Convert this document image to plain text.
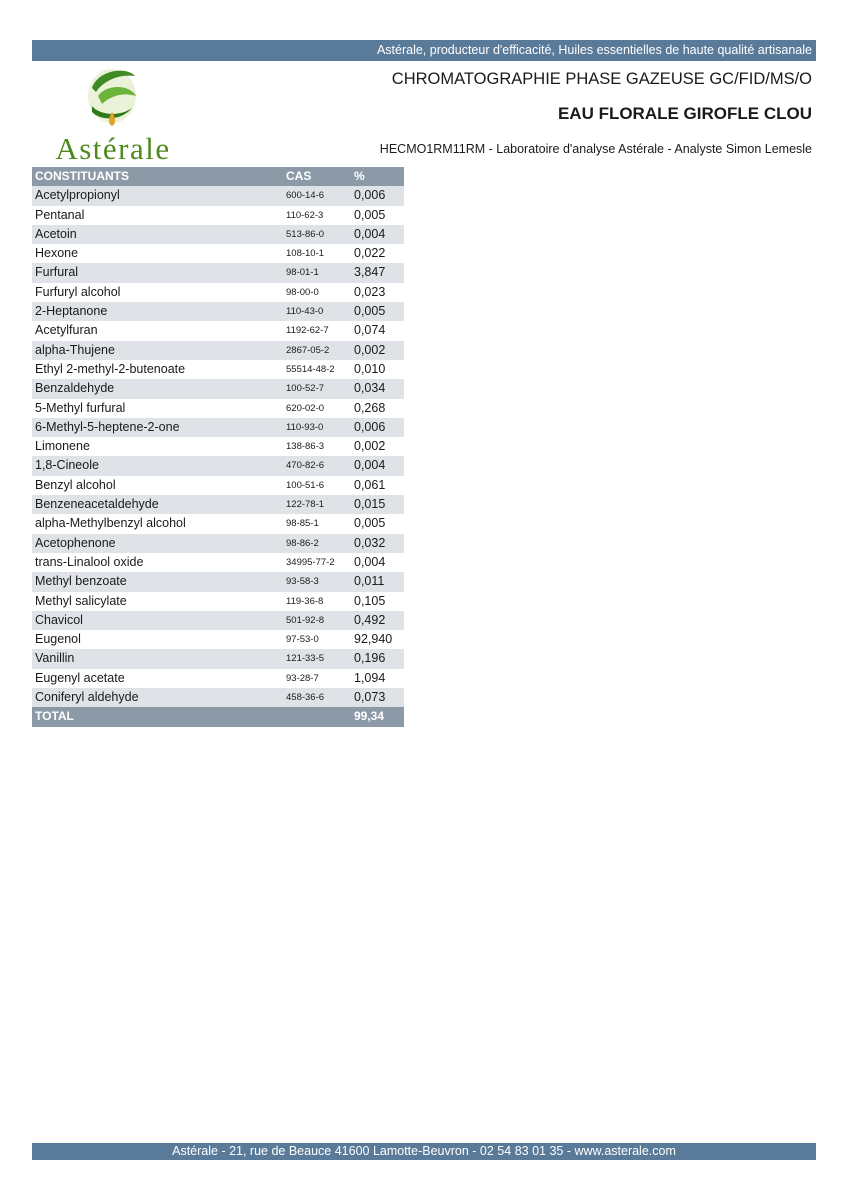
Astérale, producteur d'efficacité, Huiles essentielles de haute qualité artisanale
Astérale
CHROMATOGRAPHIE PHASE GAZEUSE GC/FID/MS/O
EAU FLORALE GIROFLE CLOU
HECMO1RM11RM - Laboratoire d'analyse Astérale - Analyste Simon Lemesle
CONSTITUANTS	CAS	%
Acetylpropionyl	600-14-6	0,006
Pentanal	110-62-3	0,005
Acetoin	513-86-0	0,004
Hexone	108-10-1	0,022
Furfural	98-01-1	3,847
Furfuryl alcohol	98-00-0	0,023
2-Heptanone	110-43-0	0,005
Acetylfuran	1192-62-7	0,074
alpha-Thujene	2867-05-2	0,002
Ethyl 2-methyl-2-butenoate	55514-48-2	0,010
Benzaldehyde	100-52-7	0,034
5-Methyl furfural	620-02-0	0,268
6-Methyl-5-heptene-2-one	110-93-0	0,006
Limonene	138-86-3	0,002
1,8-Cineole	470-82-6	0,004
Benzyl alcohol	100-51-6	0,061
Benzeneacetaldehyde	122-78-1	0,015
alpha-Methylbenzyl alcohol	98-85-1	0,005
Acetophenone	98-86-2	0,032
trans-Linalool oxide	34995-77-2	0,004
Methyl benzoate	93-58-3	0,011
Methyl salicylate	119-36-8	0,105
Chavicol	501-92-8	0,492
Eugenol	97-53-0	92,940
Vanillin	121-33-5	0,196
Eugenyl acetate	93-28-7	1,094
Coniferyl aldehyde	458-36-6	0,073
TOTAL		99,34
Astérale - 21, rue de Beauce 41600 Lamotte-Beuvron - 02 54 83 01 35 - www.asterale.com
